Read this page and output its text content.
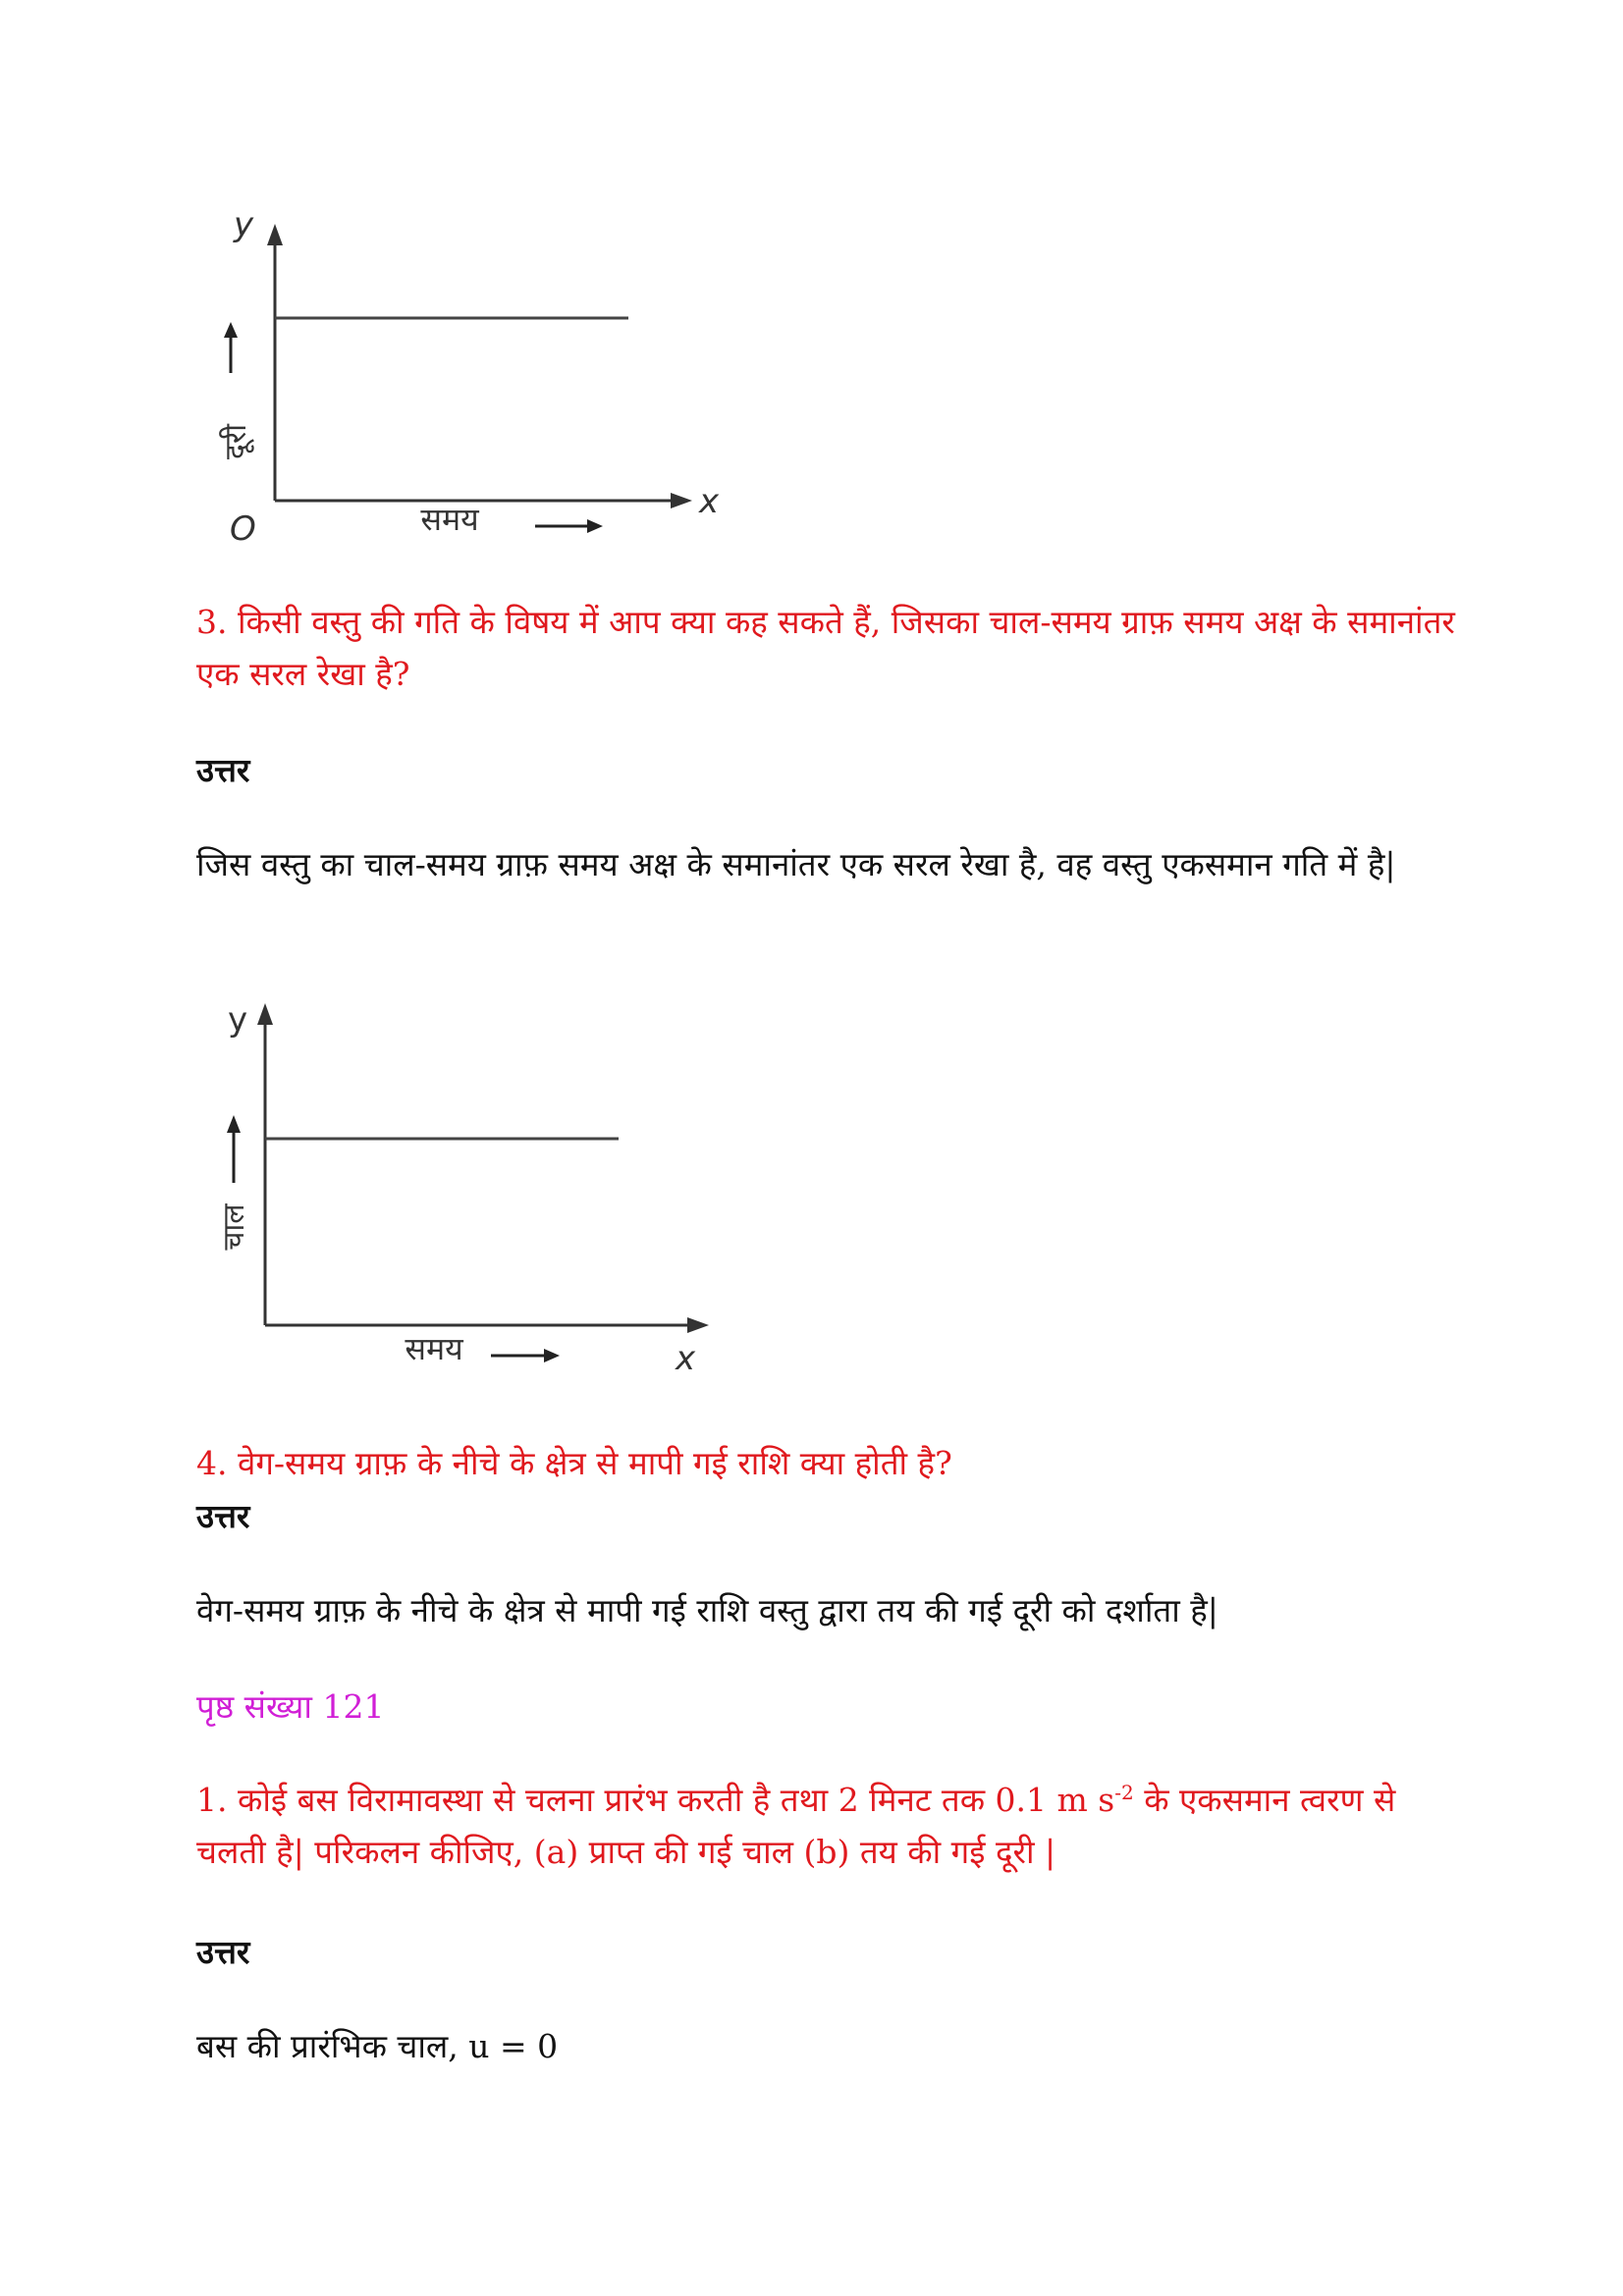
y
x
O
दूरी
समय

3. किसी वस्तु की गति के विषय में आप क्या कह सकते हैं, जिसका चाल-समय ग्राफ़ समय अक्ष के समानांतर एक सरल रेखा है?

उत्तर

जिस वस्तु का चाल-समय ग्राफ़ समय अक्ष के समानांतर एक सरल रेखा है, वह वस्तु एकसमान गति में है|

y
x
चाल
समय

4. वेग-समय ग्राफ़ के नीचे के क्षेत्र से मापी गई राशि क्या होती है?

उत्तर

वेग-समय ग्राफ़ के नीचे के क्षेत्र से मापी गई राशि वस्तु द्वारा तय की गई दूरी को दर्शाता है|

पृष्ठ संख्या 121

1. कोई बस विरामावस्था से चलना प्रारंभ करती है तथा 2 मिनट तक 0.1 m $s^{-2}$ के एकसमान त्वरण से चलती है| परिकलन कीजिए, (a) प्राप्त की गई चाल (b) तय की गई दूरी |

उत्तर

बस की प्रारंभिक चाल, u = 0
